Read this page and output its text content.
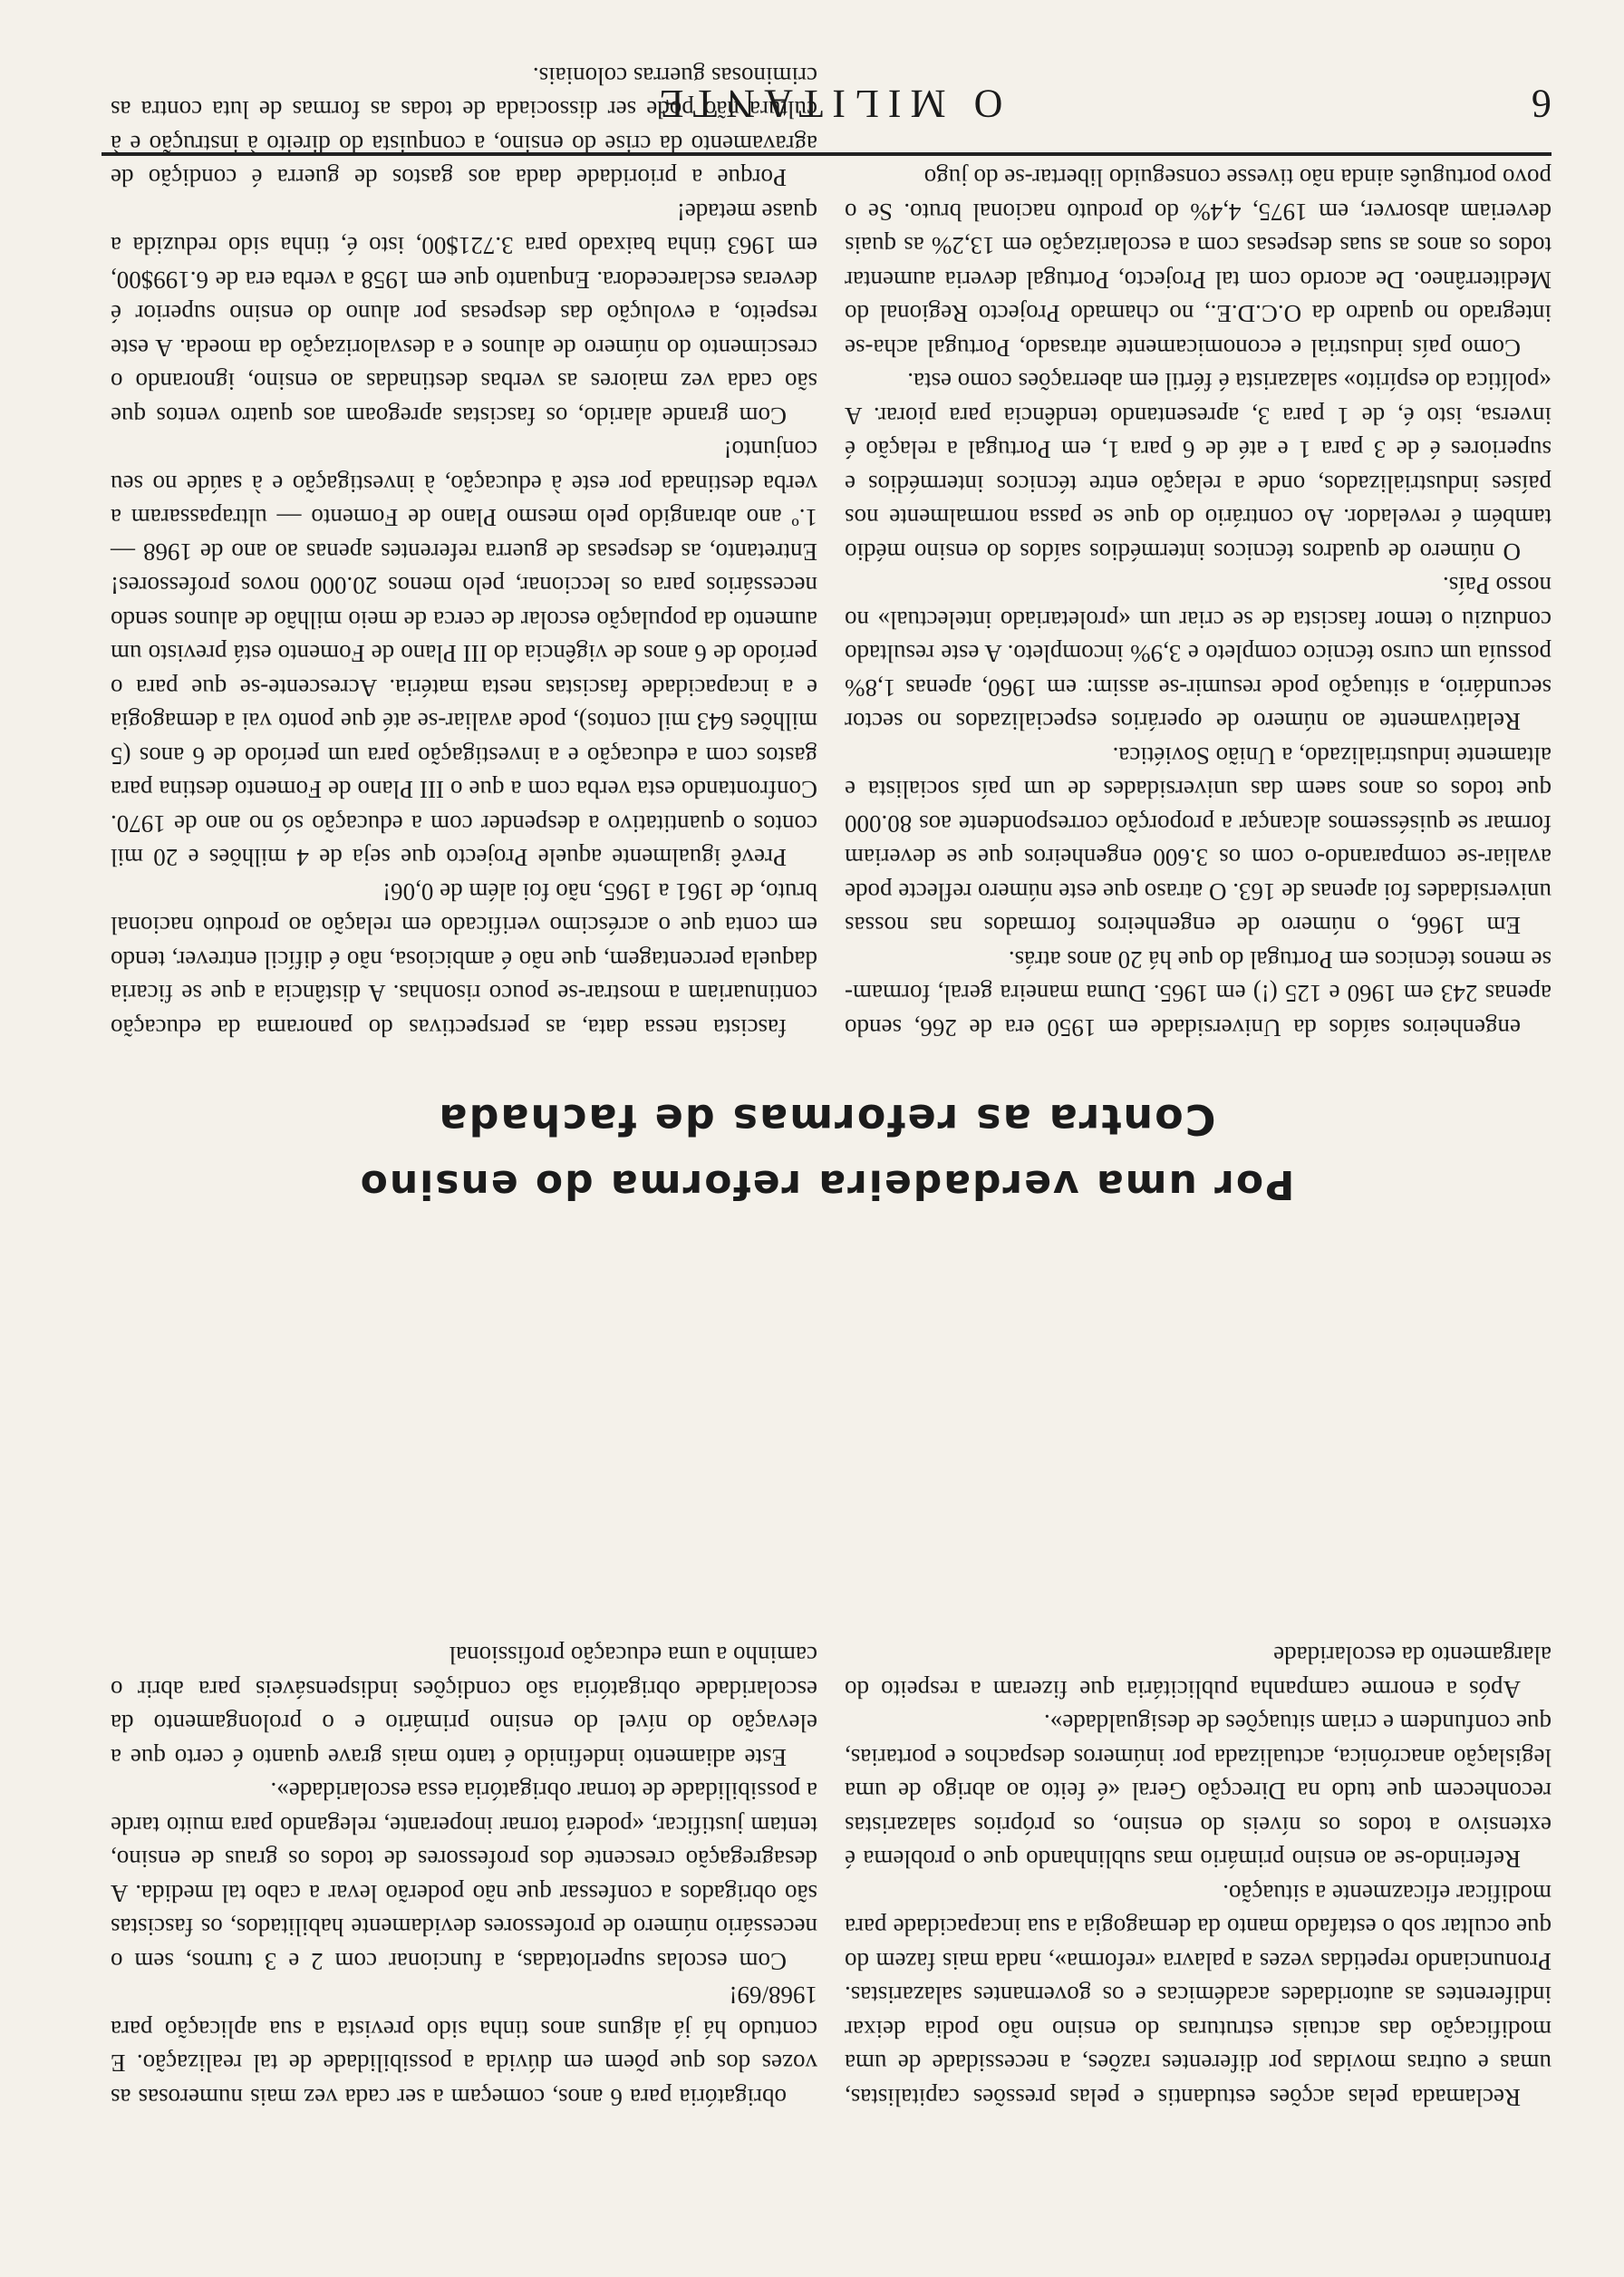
6
O MILITANTE

engenheiros saídos da Universidade em 1950 era de 266, sendo apenas 243 em 1960 e 125 (!) em 1965. Duma maneira geral, formam-se menos técnicos em Portugal do que há 20 anos atrás.

Em 1966, o número de engenheiros formados nas nossas universidades foi apenas de 163. O atraso que este número reflecte pode avaliar-se comparando-o com os 3.600 engenheiros que se deveriam formar se quiséssemos alcançar a proporção correspondente aos 80.000 que todos os anos saem das universidades de um país socialista e altamente industrializado, a União Soviética.

Relativamente ao número de operários especializados no sector secundário, a situação pode resumir-se assim: em 1960, apenas 1,8% possuía um curso técnico completo e 3,9% incompleto. A este resultado conduziu o temor fascista de se criar um «proletariado intelectual» no nosso País.

O número de quadros técnicos intermédios saídos do ensino médio também é revelador. Ao contrário do que se passa normalmente nos países industrializados, onde a relação entre técnicos intermédios e superiores é de 3 para 1 e até de 6 para 1, em Portugal a relação é inversa, isto é, de 1 para 3, apresentando tendência para piorar. A «política do espírito» salazarista é fértil em aberrações como esta.

Como país industrial e economicamente atrasado, Portugal acha-se integrado no quadro da O.C.D.E., no chamado Projecto Regional do Mediterrâneo. De acordo com tal Projecto, Portugal deveria aumentar todos os anos as suas despesas com a escolarização em 13,2% as quais deveriam absorver, em 1975, 4,4% do produto nacional bruto. Se o povo português ainda não tivesse conseguido libertar-se do jugo

fascista nessa data, as perspectivas do panorama da educação continuariam a mostrar-se pouco risonhas. A distância a que se ficaria daquela percentagem, que não é ambiciosa, não é difícil entrever, tendo em conta que o acréscimo verificado em relação ao produto nacional bruto, de 1961 a 1965, não foi além de 0,06!

Prevê igualmente aquele Projecto que seja de 4 milhões e 20 mil contos o quantitativo a despender com a educação só no ano de 1970. Confrontando esta verba com a que o III Plano de Fomento destina para gastos com a educação e a investigação para um período de 6 anos (5 milhões 643 mil contos), pode avaliar-se até que ponto vai a demagogia e a incapacidade fascistas nesta matéria. Acrescente-se que para o período de 6 anos de vigência do III Plano de Fomento está previsto um aumento da população escolar de cerca de meio milhão de alunos sendo necessários para os leccionar, pelo menos 20.000 novos professores! Entretanto, as despesas de guerra referentes apenas ao ano de 1968 — 1.º ano abrangido pelo mesmo Plano de Fomento — ultrapassaram a verba destinada por este à educação, à investigação e à saúde no seu conjunto!

Com grande alarido, os fascistas apregoam aos quatro ventos que são cada vez maiores as verbas destinadas ao ensino, ignorando o crescimento do número de alunos e a desvalorização da moeda. A este respeito, a evolução das despesas por aluno do ensino superior é deveras esclarecedora. Enquanto que em 1958 a verba era de 6.199$00, em 1963 tinha baixado para 3.721$00, isto é, tinha sido reduzida a quase metade!

Porque a prioridade dada aos gastos de guerra é condição de agravamento da crise do ensino, a conquista do direito à instrução e à cultura não pode ser dissociada de todas as formas de luta contra as criminosas guerras coloniais.

Contra as reformas de fachada
Por uma verdadeira reforma do ensino

Reclamada pelas acções estudantis e pelas pressões capitalistas, umas e outras movidas por diferentes razões, a necessidade de uma modificação das actuais estruturas do ensino não podia deixar indiferentes as autoridades académicas e os governantes salazaristas. Pronunciando repetidas vezes a palavra «reforma», nada mais fazem do que ocultar sob o estafado manto da demagogia a sua incapacidade para modificar eficazmente a situação.

Referindo-se ao ensino primário mas sublinhando que o problema é extensivo a todos os níveis do ensino, os próprios salazaristas reconhecem que tudo na Direcção Geral «é feito ao abrigo de uma legislação anacrónica, actualizada por inúmeros despachos e portarias, que confundem e criam situações de desigualdade».

Após a enorme campanha publicitária que fizeram a respeito do alargamento da escolaridade

obrigatória para 6 anos, começam a ser cada vez mais numerosas as vozes dos que põem em dúvida a possibilidade de tal realização. E contudo há já alguns anos tinha sido prevista a sua aplicação para 1968/69!

Com escolas superlotadas, a funcionar com 2 e 3 turnos, sem o necessário número de professores devidamente habilitados, os fascistas são obrigados a confessar que não poderão levar a cabo tal medida. A desagregação crescente dos professores de todos os graus de ensino, tentam justificar, «poderá tornar inoperante, relegando para muito tarde a possibilidade de tornar obrigatória essa escolaridade».

Este adiamento indefinido é tanto mais grave quanto é certo que a elevação do nível do ensino primário e o prolongamento da escolaridade obrigatória são condições indispensáveis para abrir o caminho a uma educação profissional
